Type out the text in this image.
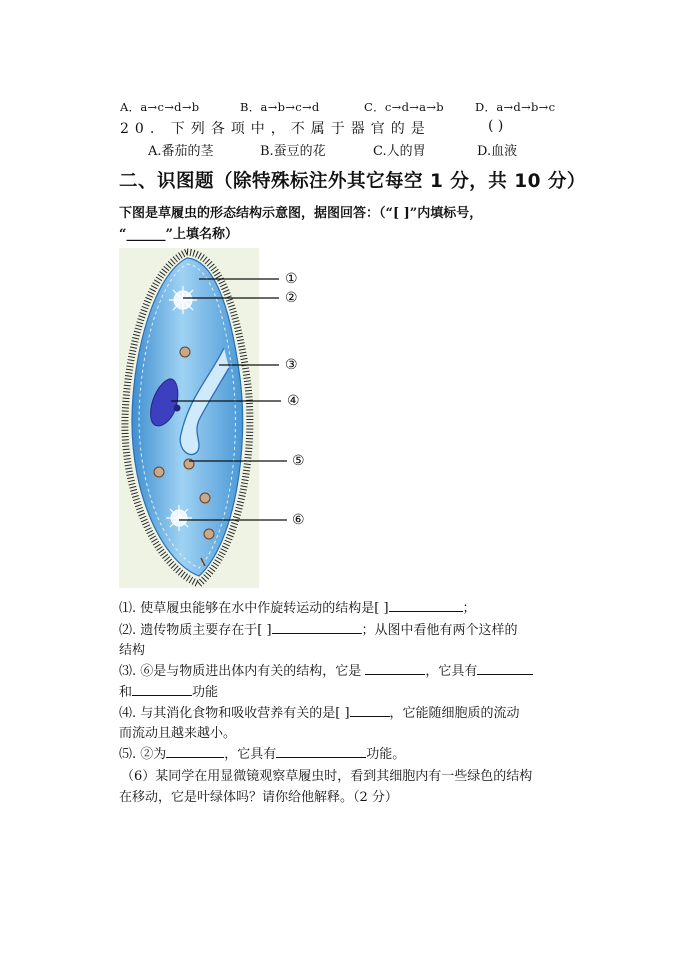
A．a→c→d→b	B．a→b→c→d	C．c→d→a→b	D．a→d→b→c
20. 下列各项中，不属于器官的是	( )
A.番茄的茎	B.蚕豆的花	C.人的胃	D.血液
二、识图题（除特殊标注外其它每空 1 分，共 10 分）
下图是草履虫的形态结构示意图，据图回答：（“[ ]”内填标号，
“______”上填名称）
①
②
③
④
⑤
⑥
⑴. 使草履虫能够在水中作旋转运动的结构是[ ]	；
⑵. 遗传物质主要存在于[ ]	；从图中看他有两个这样的
结构
⑶. ⑥是与物质进出体内有关的结构，它是	，它具有
和	功能
⑷. 与其消化食物和吸收营养有关的是[ ]	，它能随细胞质的流动
而流动且越来越小。
⑸. ②为	，它具有	功能。
（6）某同学在用显微镜观察草履虫时，看到其细胞内有一些绿色的结构
在移动，它是叶绿体吗？请你给他解释。（2 分）
